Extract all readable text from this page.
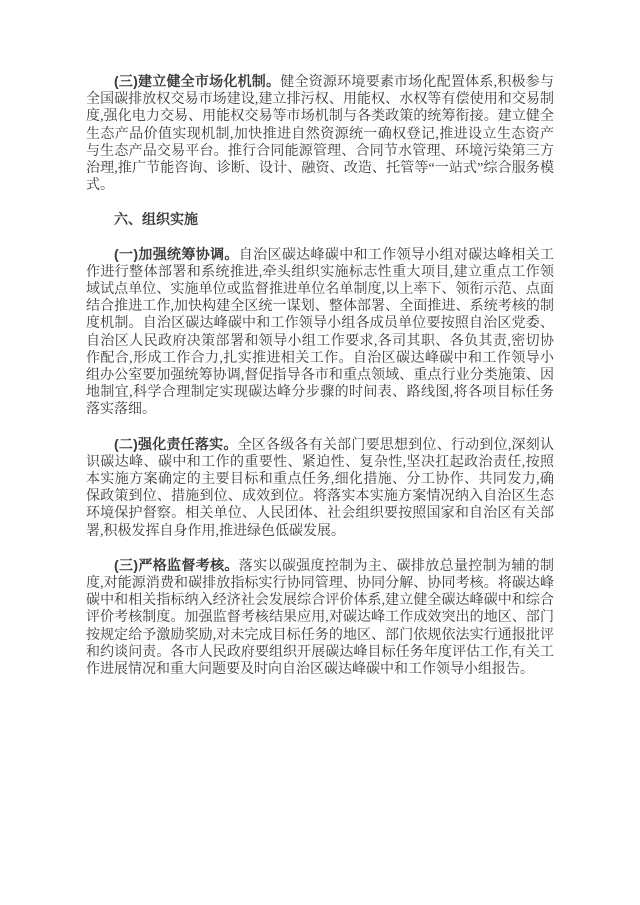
(三)建立健全市场化机制。健全资源环境要素市场化配置体系,积极参与全国碳排放权交易市场建设,建立排污权、用能权、水权等有偿使用和交易制度,强化电力交易、用能权交易等市场机制与各类政策的统筹衔接。建立健全生态产品价值实现机制,加快推进自然资源统一确权登记,推进设立生态资产与生态产品交易平台。推行合同能源管理、合同节水管理、环境污染第三方治理,推广节能咨询、诊断、设计、融资、改造、托管等“一站式”综合服务模式。

六、组织实施

(一)加强统筹协调。自治区碳达峰碳中和工作领导小组对碳达峰相关工作进行整体部署和系统推进,牵头组织实施标志性重大项目,建立重点工作领域试点单位、实施单位或监督推进单位名单制度,以上率下、领衔示范、点面结合推进工作,加快构建全区统一谋划、整体部署、全面推进、系统考核的制度机制。自治区碳达峰碳中和工作领导小组各成员单位要按照自治区党委、自治区人民政府决策部署和领导小组工作要求,各司其职、各负其责,密切协作配合,形成工作合力,扎实推进相关工作。自治区碳达峰碳中和工作领导小组办公室要加强统筹协调,督促指导各市和重点领域、重点行业分类施策、因地制宜,科学合理制定实现碳达峰分步骤的时间表、路线图,将各项目标任务落实落细。

(二)强化责任落实。全区各级各有关部门要思想到位、行动到位,深刻认识碳达峰、碳中和工作的重要性、紧迫性、复杂性,坚决扛起政治责任,按照本实施方案确定的主要目标和重点任务,细化措施、分工协作、共同发力,确保政策到位、措施到位、成效到位。将落实本实施方案情况纳入自治区生态环境保护督察。相关单位、人民团体、社会组织要按照国家和自治区有关部署,积极发挥自身作用,推进绿色低碳发展。

(三)严格监督考核。落实以碳强度控制为主、碳排放总量控制为辅的制度,对能源消费和碳排放指标实行协同管理、协同分解、协同考核。将碳达峰碳中和相关指标纳入经济社会发展综合评价体系,建立健全碳达峰碳中和综合评价考核制度。加强监督考核结果应用,对碳达峰工作成效突出的地区、部门按规定给予激励奖励,对未完成目标任务的地区、部门依规依法实行通报批评和约谈问责。各市人民政府要组织开展碳达峰目标任务年度评估工作,有关工作进展情况和重大问题要及时向自治区碳达峰碳中和工作领导小组报告。
